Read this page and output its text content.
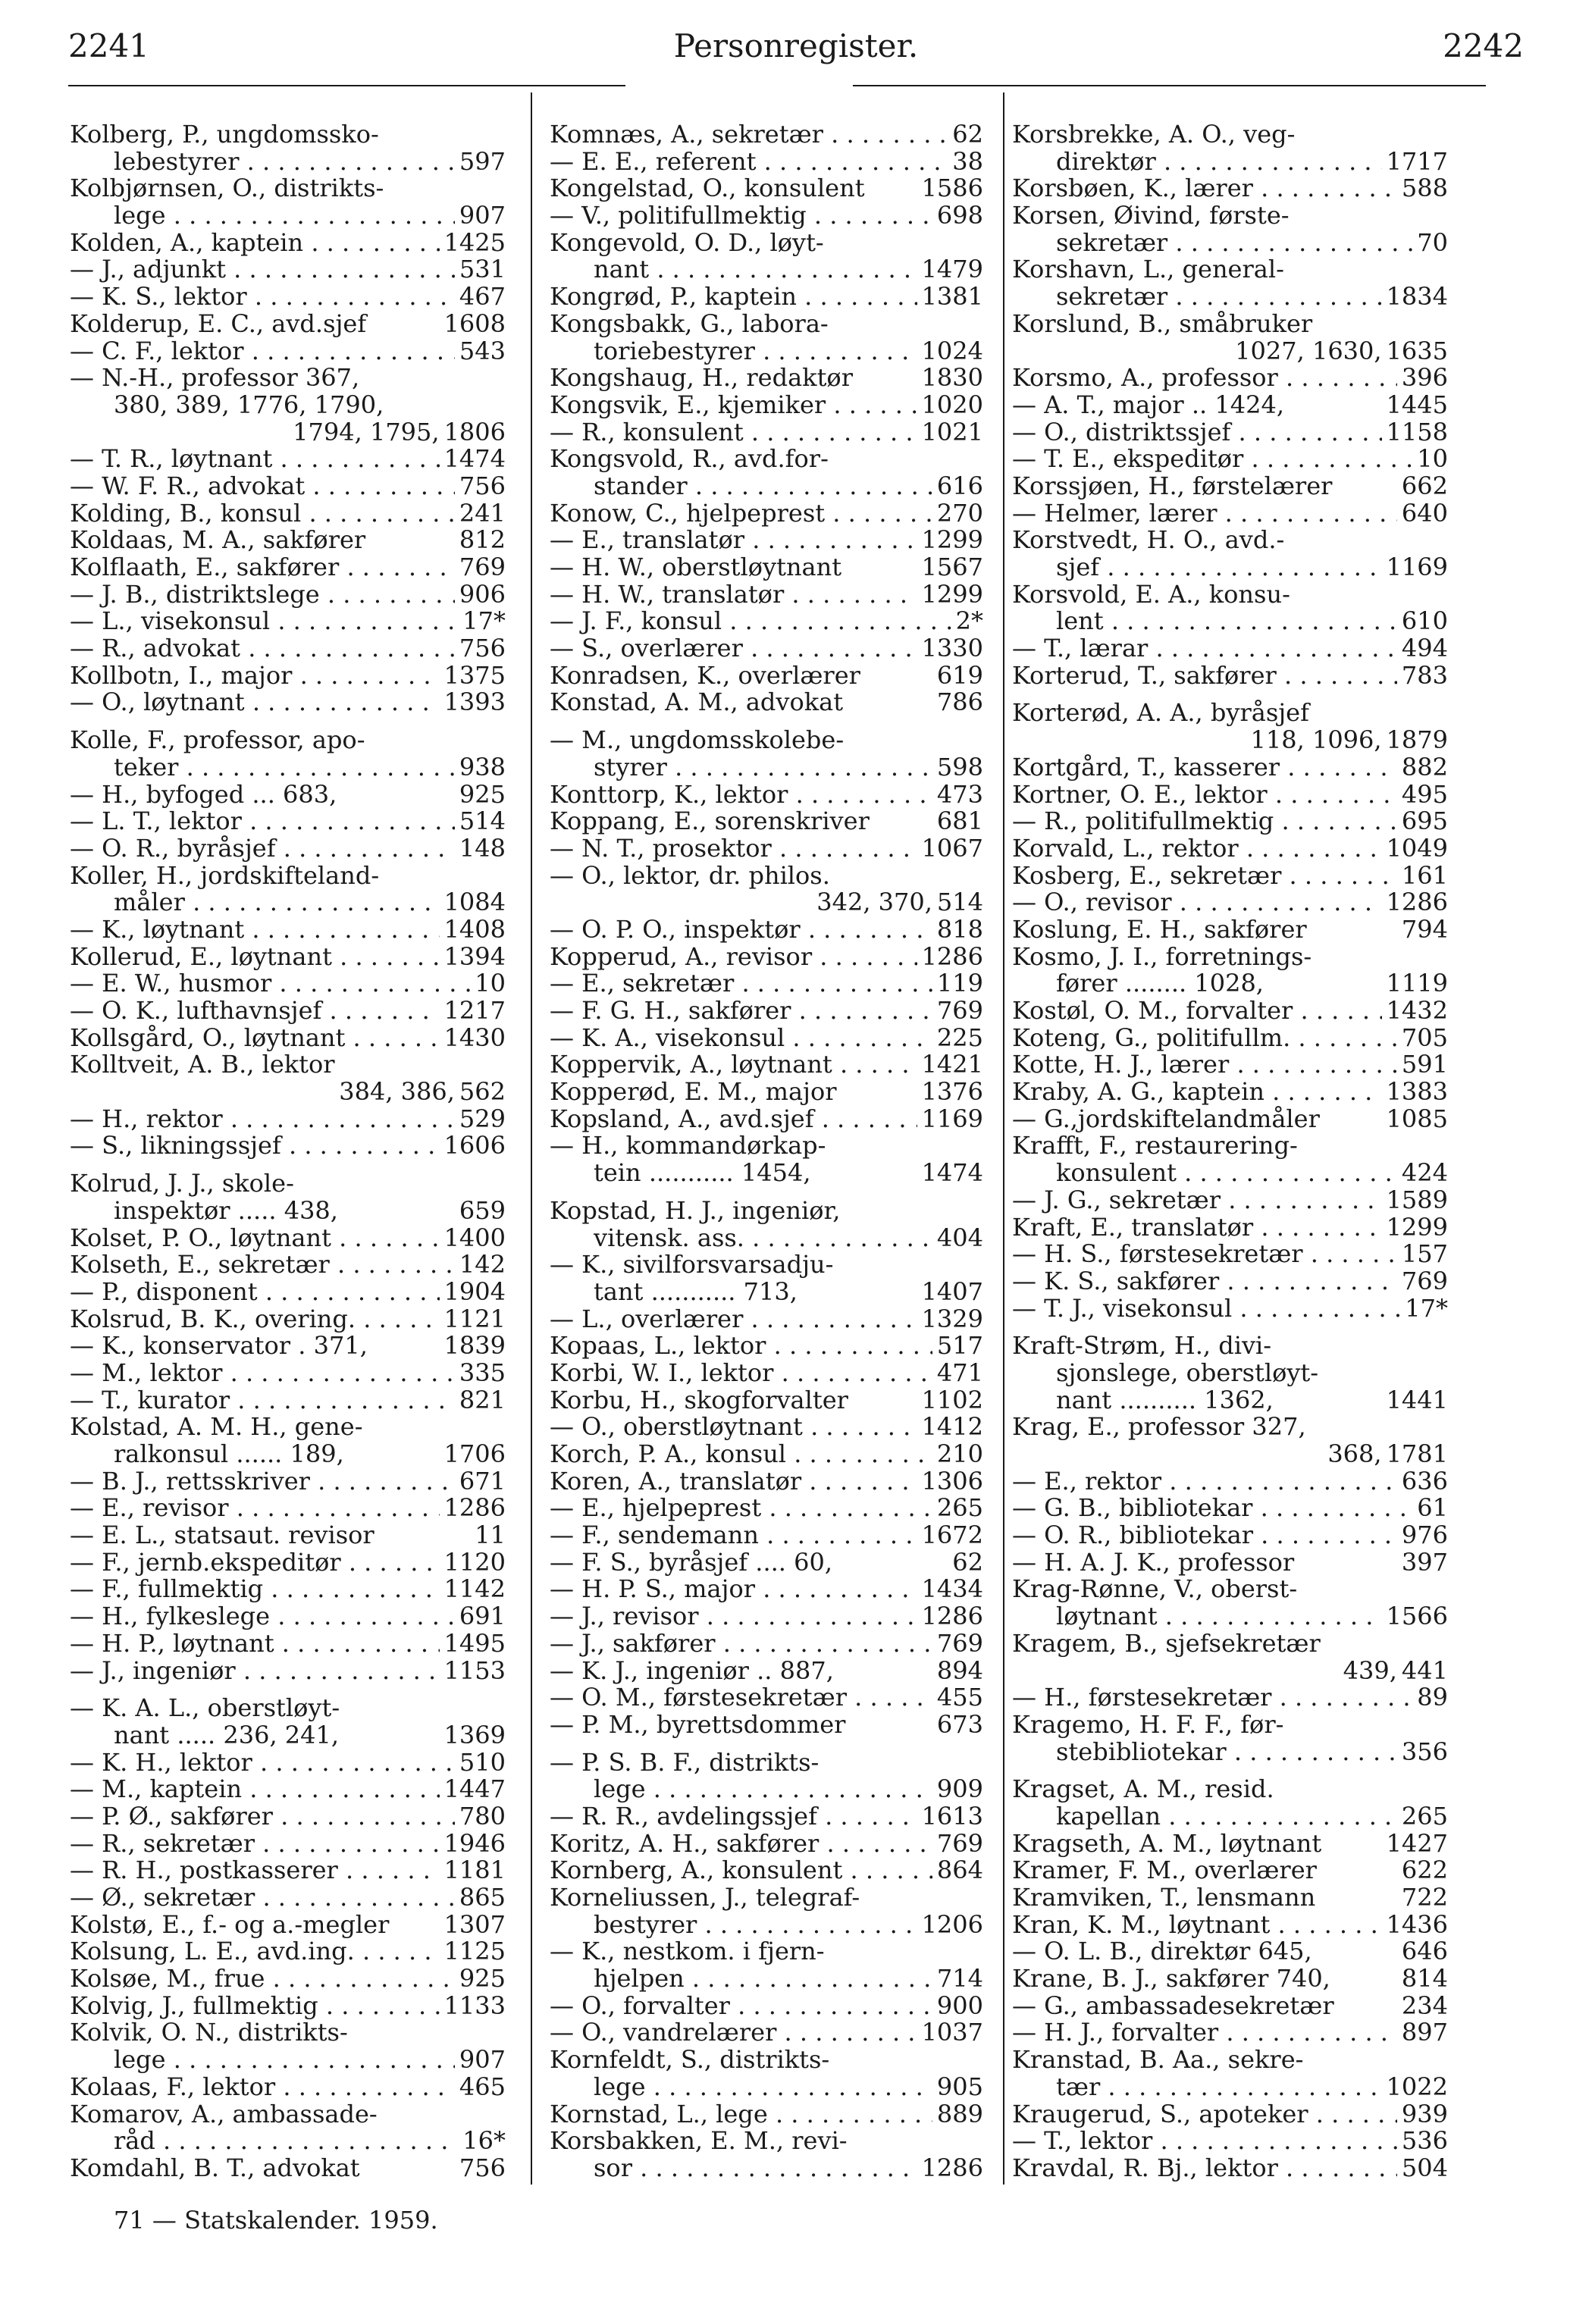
2241	Personregister.	2242
Kolberg, P., ungdomssko-
lebestyrer . . .	597
Kolbjørnsen, O., distrikts-
lege . . .	907
Kolden, A., kaptein . . .	1425
— J., adjunkt . . .	531
— K. S., lektor . . .	467
Kolderup, E. C., avd.sjef	1608
— C. F., lektor . . .	543
— N.-H., professor 367,
380, 389, 1776, 1790,
1794, 1795, 1806
— T. R., løytnant . . .	1474
— W. F. R., advokat . . .	756
Kolding, B., konsul . . .	241
Koldaas, M. A., sakfører	812
Kolflaath, E., sakfører . . .	769
— J. B., distriktslege . . .	906
— L., visekonsul . . .	17*
— R., advokat . . .	756
Kollbotn, I., major . . .	1375
— O., løytnant . . .	1393
Kolle, F., professor, apo-
teker . . .	938
— H., byfoged ... 683,	925
— L. T., lektor . . .	514
— O. R., byråsjef . . .	148
Koller, H., jordskifteland-
måler . . .	1084
— K., løytnant . . .	1408
Kollerud, E., løytnant . . .	1394
— E. W., husmor . . .	10
— O. K., lufthavnsjef . . .	1217
Kollsgård, O., løytnant . . .	1430
Kolltveit, A. B., lektor
384, 386, 562
— H., rektor . . .	529
— S., likningssjef . . .	1606
Kolrud, J. J., skole-
inspektør ..... 438,	659
Kolset, P. O., løytnant . . .	1400
Kolseth, E., sekretær . . .	142
— P., disponent . . .	1904
Kolsrud, B. K., overing. . . .	1121
— K., konservator . 371,	1839
— M., lektor . . .	335
— T., kurator . . .	821
Kolstad, A. M. H., gene-
ralkonsul ...... 189,	1706
— B. J., rettsskriver . . .	671
— E., revisor . . .	1286
— E. L., statsaut. revisor	11
— F., jernb.ekspeditør . . .	1120
— F., fullmektig . . .	1142
— H., fylkeslege . . .	691
— H. P., løytnant . . .	1495
— J., ingeniør . . .	1153
— K. A. L., oberstløyt-
nant ..... 236, 241,	1369
— K. H., lektor . . .	510
— M., kaptein . . .	1447
— P. Ø., sakfører . . .	780
— R., sekretær . . .	1946
— R. H., postkasserer . . .	1181
— Ø., sekretær . . .	865
Kolstø, E., f.- og a.-megler	1307
Kolsung, L. E., avd.ing. . . .	1125
Kolsøe, M., frue . . .	925
Kolvig, J., fullmektig . . .	1133
Kolvik, O. N., distrikts-
lege . . .	907
Kolaas, F., lektor . . .	465
Komarov, A., ambassade-
råd . . .	16*
Komdahl, B. T., advokat	756
Komnæs, A., sekretær . . .	62
— E. E., referent . . .	38
Kongelstad, O., konsulent	1586
— V., politifullmektig . . .	698
Kongevold, O. D., løyt-
nant . . .	1479
Kongrød, P., kaptein . . .	1381
Kongsbakk, G., labora-
toriebestyrer . . .	1024
Kongshaug, H., redaktør	1830
Kongsvik, E., kjemiker . . .	1020
— R., konsulent . . .	1021
Kongsvold, R., avd.for-
stander . . .	616
Konow, C., hjelpeprest . . .	270
— E., translatør . . .	1299
— H. W., oberstløytnant	1567
— H. W., translatør . . .	1299
— J. F., konsul . . .	2*
— S., overlærer . . .	1330
Konradsen, K., overlærer	619
Konstad, A. M., advokat	786
— M., ungdomsskolebe-
styrer . . .	598
Konttorp, K., lektor . . .	473
Koppang, E., sorenskriver	681
— N. T., prosektor . . .	1067
— O., lektor, dr. philos.
342, 370, 514
— O. P. O., inspektør . . .	818
Kopperud, A., revisor . . .	1286
— E., sekretær . . .	119
— F. G. H., sakfører . . .	769
— K. A., visekonsul . . .	225
Koppervik, A., løytnant . . .	1421
Kopperød, E. M., major	1376
Kopsland, A., avd.sjef . . .	1169
— H., kommandørkap-
tein ........... 1454,	1474
Kopstad, H. J., ingeniør,
vitensk. ass. . . .	404
— K., sivilforsvarsadju-
tant ........... 713,	1407
— L., overlærer . . .	1329
Kopaas, L., lektor . . .	517
Korbi, W. I., lektor . . .	471
Korbu, H., skogforvalter	1102
— O., oberstløytnant . . .	1412
Korch, P. A., konsul . . .	210
Koren, A., translatør . . .	1306
— E., hjelpeprest . . .	265
— F., sendemann . . .	1672
— F. S., byråsjef .... 60,	62
— H. P. S., major . . .	1434
— J., revisor . . .	1286
— J., sakfører . . .	769
— K. J., ingeniør .. 887,	894
— O. M., førstesekretær . . .	455
— P. M., byrettsdommer	673
— P. S. B. F., distrikts-
lege . . .	909
— R. R., avdelingssjef . . .	1613
Koritz, A. H., sakfører . . .	769
Kornberg, A., konsulent . . .	864
Korneliussen, J., telegraf-
bestyrer . . .	1206
— K., nestkom. i fjern-
hjelpen . . .	714
— O., forvalter . . .	900
— O., vandrelærer . . .	1037
Kornfeldt, S., distrikts-
lege . . .	905
Kornstad, L., lege . . .	889
Korsbakken, E. M., revi-
sor . . .	1286
Korsbrekke, A. O., veg-
direktør . . .	1717
Korsbøen, K., lærer . . .	588
Korsen, Øivind, første-
sekretær . . .	70
Korshavn, L., general-
sekretær . . .	1834
Korslund, B., småbruker
1027, 1630, 1635
Korsmo, A., professor . . .	396
— A. T., major .. 1424,	1445
— O., distriktssjef . . .	1158
— T. E., ekspeditør . . .	10
Korssjøen, H., førstelærer	662
— Helmer, lærer . . .	640
Korstvedt, H. O., avd.-
sjef . . .	1169
Korsvold, E. A., konsu-
lent . . .	610
— T., lærar . . .	494
Korterud, T., sakfører . . .	783
Korterød, A. A., byråsjef
118, 1096, 1879
Kortgård, T., kasserer . . .	882
Kortner, O. E., lektor . . .	495
— R., politifullmektig . . .	695
Korvald, L., rektor . . .	1049
Kosberg, E., sekretær . . .	161
— O., revisor . . .	1286
Koslung, E. H., sakfører	794
Kosmo, J. I., forretnings-
fører ........ 1028,	1119
Kostøl, O. M., forvalter . . .	1432
Koteng, G., politifullm. . . .	705
Kotte, H. J., lærer . . .	591
Kraby, A. G., kaptein . . .	1383
— G.,jordskiftelandmåler	1085
Krafft, F., restaurering-
konsulent . . .	424
— J. G., sekretær . . .	1589
Kraft, E., translatør . . .	1299
— H. S., førstesekretær . . .	157
— K. S., sakfører . . .	769
— T. J., visekonsul . . .	17*
Kraft-Strøm, H., divi-
sjonslege, oberstløyt-
nant .......... 1362,	1441
Krag, E., professor 327,
368, 1781
— E., rektor . . .	636
— G. B., bibliotekar . . .	61
— O. R., bibliotekar . . .	976
— H. A. J. K., professor	397
Krag-Rønne, V., oberst-
løytnant . . .	1566
Kragem, B., sjefsekretær
439, 441
— H., førstesekretær . . .	89
Kragemo, H. F. F., før-
stebibliotekar . . .	356
Kragset, A. M., resid.
kapellan . . .	265
Kragseth, A. M., løytnant	1427
Kramer, F. M., overlærer	622
Kramviken, T., lensmann	722
Kran, K. M., løytnant . . .	1436
— O. L. B., direktør 645,	646
Krane, B. J., sakfører 740,	814
— G., ambassadesekretær	234
— H. J., forvalter . . .	897
Kranstad, B. Aa., sekre-
tær . . .	1022
Kraugerud, S., apoteker . . .	939
— T., lektor . . .	536
Kravdal, R. Bj., lektor . . .	504
71 — Statskalender. 1959.
